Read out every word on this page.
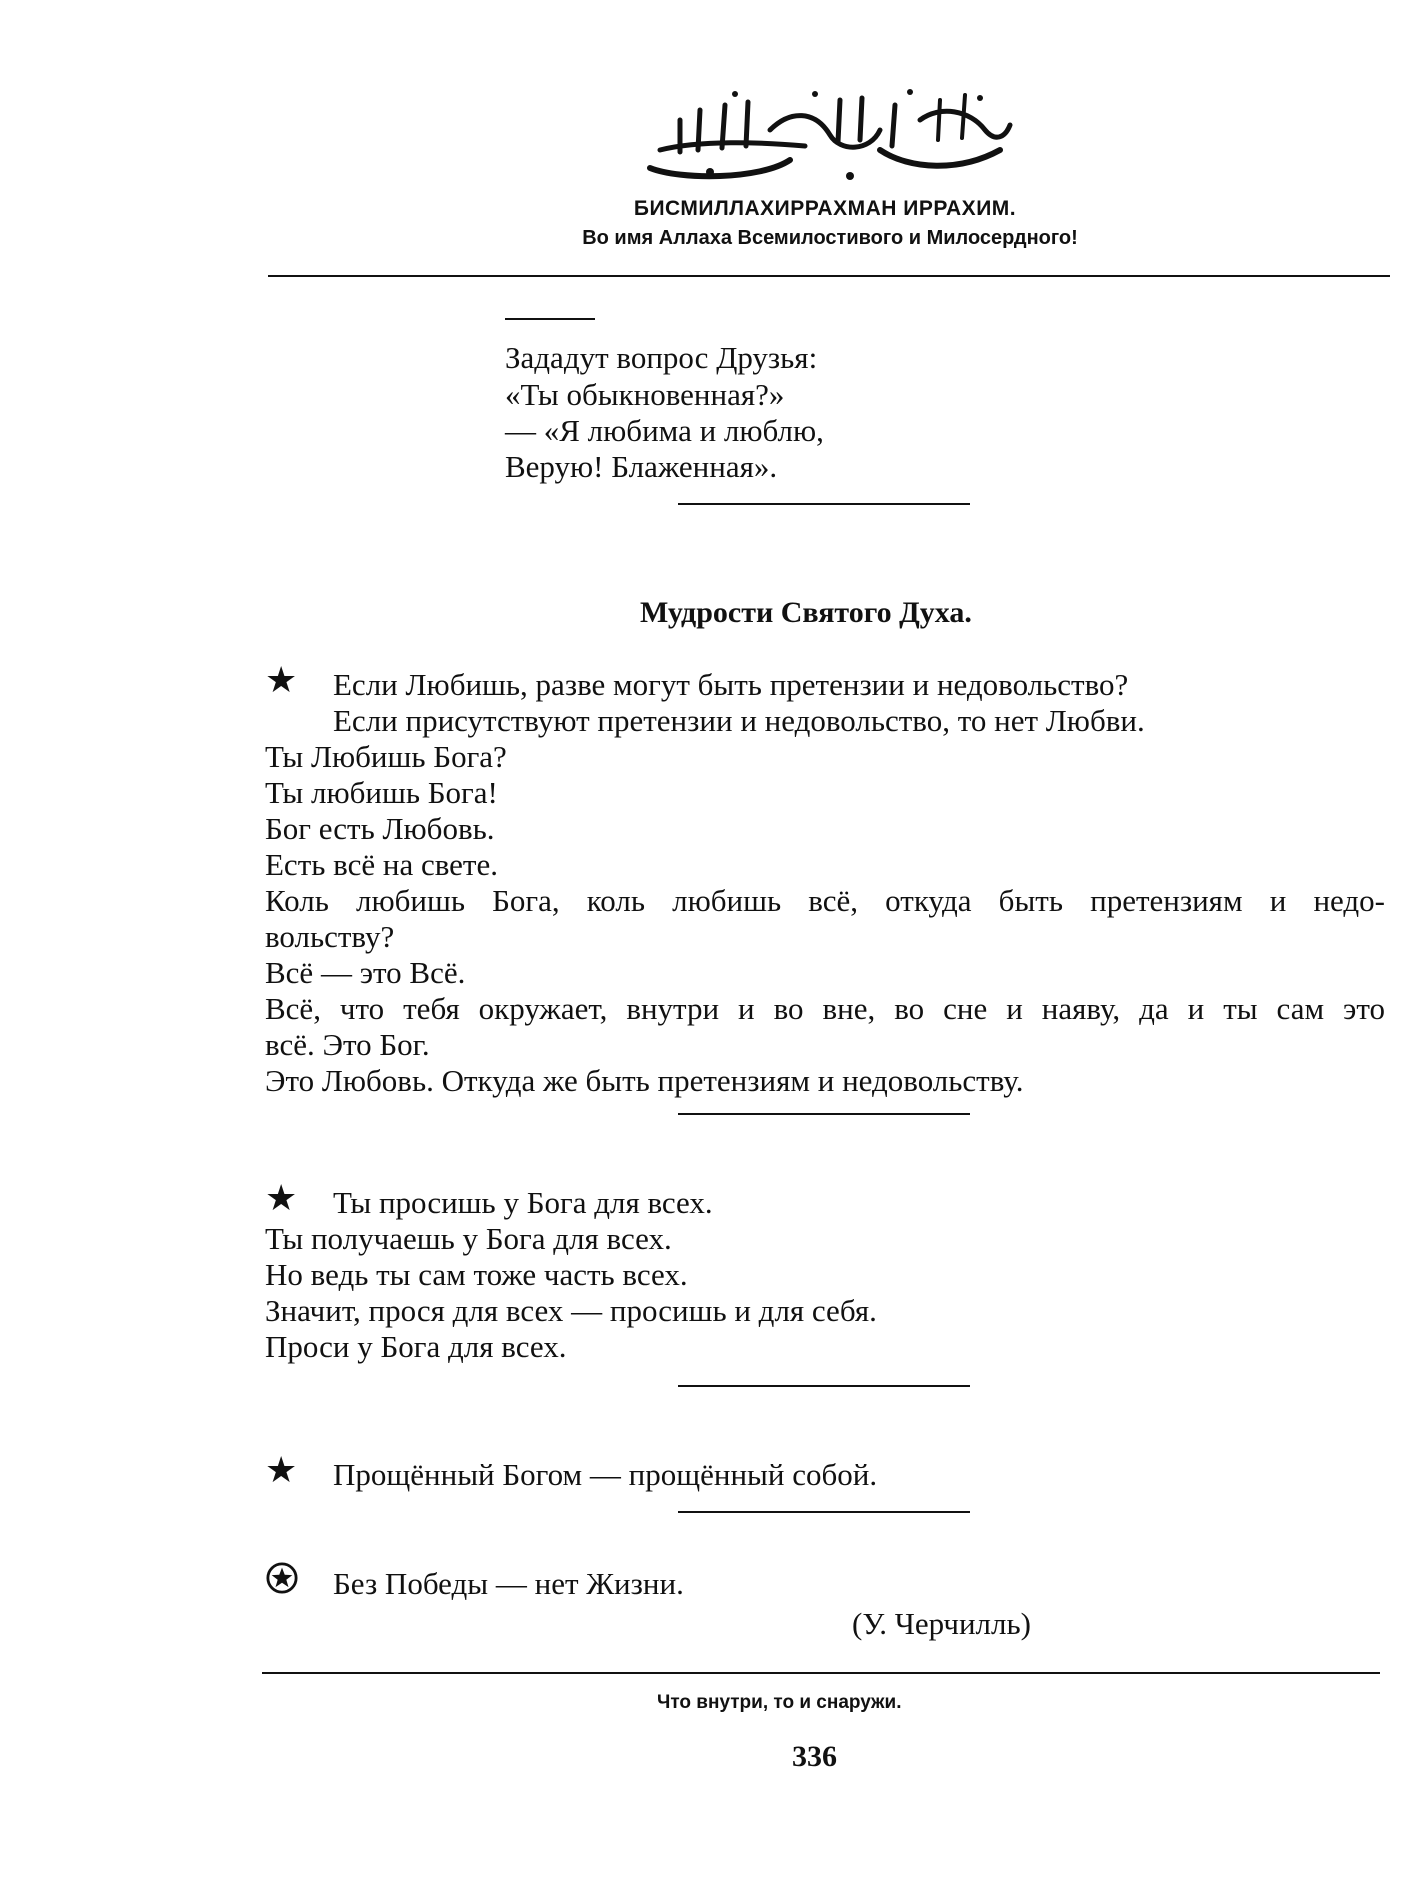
БИСМИЛЛАХИРРАХМАН ИРРАХИМ.
Во имя Аллаха Всемилостивого и Милосердного!
Зададут вопрос Друзья:
«Ты обыкновенная?»
— «Я любима и люблю,
Верую! Блаженная».
Мудрости Святого Духа.
★ Если Любишь, разве могут быть претензии и недовольство?
Если присутствуют претензии и недовольство, то нет Любви.
Ты Любишь Бога?
Ты любишь Бога!
Бог есть Любовь.
Есть всё на свете.
Коль любишь Бога, коль любишь всё, откуда быть претензиям и недо-
вольству?
Всё — это Всё.
Всё, что тебя окружает, внутри и во вне, во сне и наяву, да и ты сам это
всё. Это Бог.
Это Любовь. Откуда же быть претензиям и недовольству.
★ Ты просишь у Бога для всех.
Ты получаешь у Бога для всех.
Но ведь ты сам тоже часть всех.
Значит, прося для всех — просишь и для себя.
Проси у Бога для всех.
★ Прощённый Богом — прощённый собой.
Без Победы — нет Жизни.
(У. Черчилль)
Что внутри, то и снаружи.
336
